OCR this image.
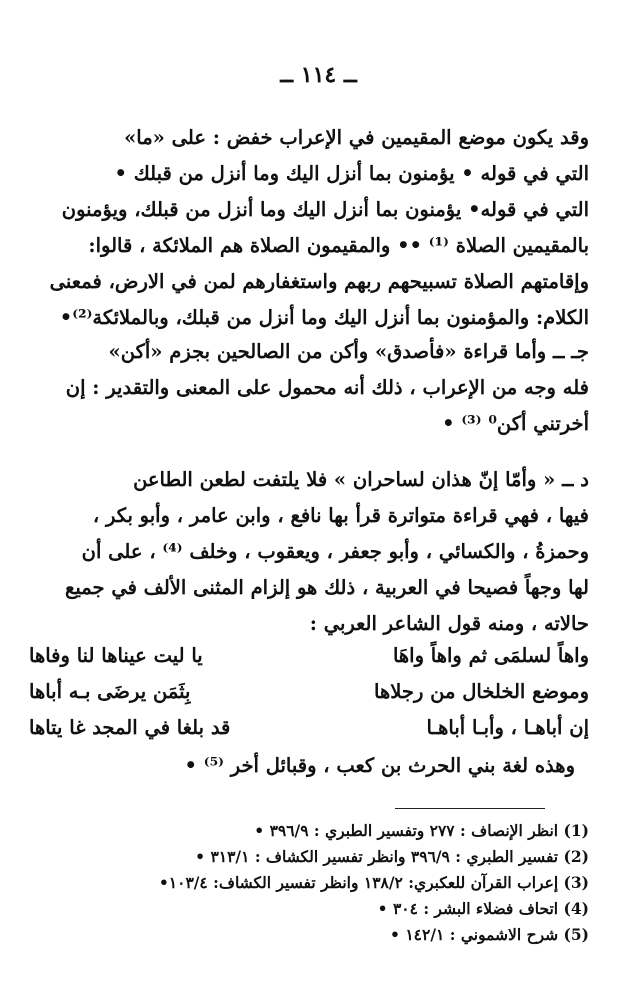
ــ ١١٤ ــ
وقد يكون موضع المقيمين في الإعراب خفض : على «ما»
التي في قوله • يؤمنون بما أنزل اليك وما أنزل من قبلك •
التي في قوله• يؤمنون بما أنزل اليك وما أنزل من قبلك، ويؤمنون
بالمقيمين الصلاة ⁽¹⁾ •• والمقيمون الصلاة هم الملائكة ، قالوا:
وإقامتهم الصلاة تسبيحهم ربهم واستغفارهم لمن في الارض، فمعنى
الكلام: والمؤمنون بما أنزل اليك وما أنزل من قبلك، وبالملائكة⁽²⁾•
جـ ــ وأما قراءة «فأصدق» وأكن من الصالحين بجزم «أكن»
فله وجه من الإعراب ، ذلك أنه محمول على المعنى والتقدير : إن
أخرتني أكن⁰ ⁽³⁾ •
د ــ « وأمّا إنّ هذان لساحران » فلا يلتفت لطعن الطاعن
فيها ، فهي قراءة متواترة قرأ بها نافع ، وابن عامر ، وأبو بكر ،
وحمزةُ ، والكسائي ، وأبو جعفر ، ويعقوب ، وخلف ⁽⁴⁾ ، على أن
لها وجهاً فصيحا في العربية ، ذلك هو إلزام المثنى الألف في جميع
حالاته ، ومنه قول الشاعر العربي :
واهاً لسلمَى ثم واهاً واهَا
يا ليت عيناها لنا وفاها
وموضع الخلخال من رجلاها
بِثَمَن يرضَى بـه أباها
إن أباهـا ، وأبـا أباهـا
قد بلغا في المجد غا يتاها
وهذه لغة بني الحرث بن كعب ، وقبائل أخر ⁽⁵⁾ •
(1) انظر الإنصاف : ٢٧٧ وتفسير الطبري : ٣٩٦/٩ •
(2) تفسير الطبري : ٣٩٦/٩ وانظر تفسير الكشاف : ٣١٣/١ •
(3) إعراب القرآن للعكبري: ١٣٨/٢ وانظر تفسير الكشاف: ١٠٣/٤•
(4) اتحاف فضلاء البشر : ٣٠٤ •
(5) شرح الاشموني : ١٤٢/١ •
